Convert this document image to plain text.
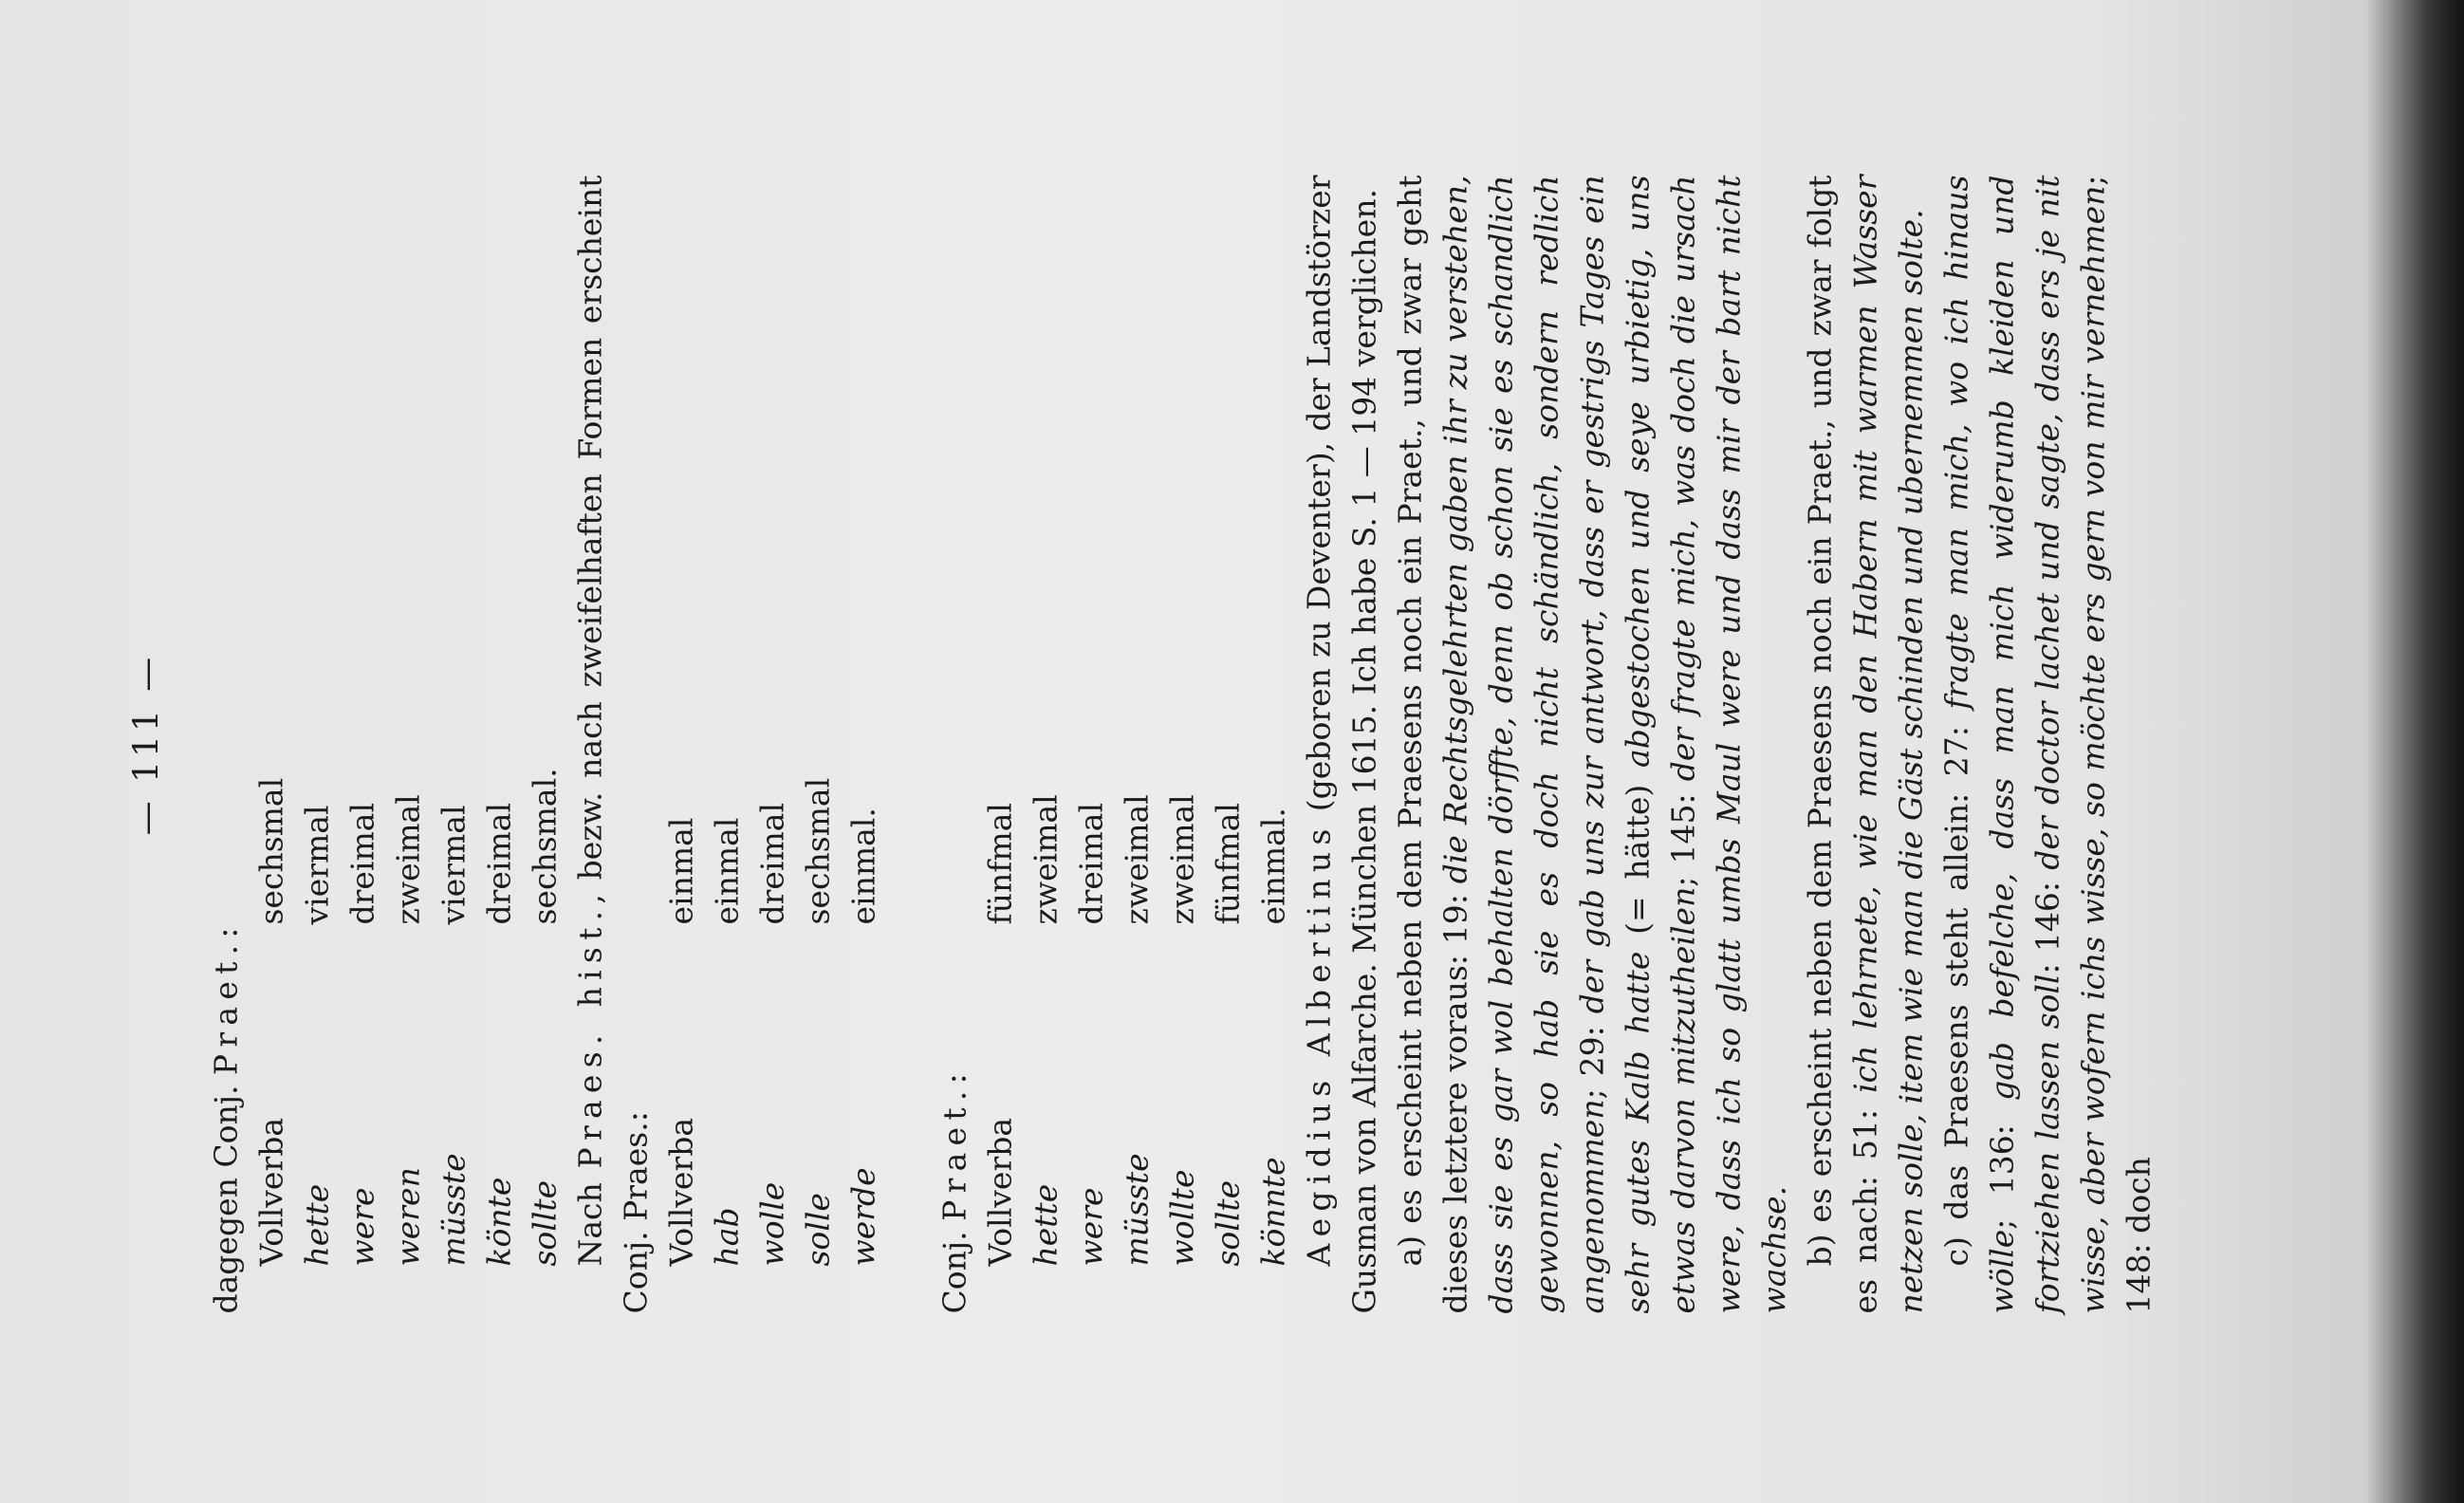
— 111 —

dagegen Conj. Praet.:

Vollverba hette were weren müsste könte sollte
sechsmal viermal dreimal zweimal viermal dreimal sechsmal.

Nach Praes. hist., bezw. nach zweifelhaften Formen erscheint Conj. Praes.: Vollverba hab wolle solle werde
einmal einmal dreimal sechsmal einmal.

Conj. Praet.: Vollverba hette were müsste wollte sollte könnte
fünfmal zweimal dreimal zweimal zweimal fünfmal einmal. Aegidius Albertinus (geboren zu Deventer), der Landstörzer Gusman von Alfarche. München 1615. Ich habe S. 1 — 194 verglichen. a) es erscheint neben dem Praesens noch ein Praet., und zwar geht dieses letztere voraus: 19: die Rechtsgelehrten gaben ihr zu verstehen, dass sie es gar wol behalten dörffte, denn ob schon sie es schandlich gewonnen, so hab sie es doch nicht schändlich, sondern redlich angenommen; 29: der gab uns zur antwort, dass er gestrigs Tages ein sehr gutes Kalb hatte (= hätte) abgestochen und seye urbietig, uns etwas darvon mitzutheilen; 145: der fragte mich, was doch die ursach were, dass ich so glatt umbs Maul were und dass mir der bart nicht wachse. b) es erscheint neben dem Praesens noch ein Praet., und zwar folgt es nach: 51: ich lehrnete, wie man den Habern mit warmen Wasser netzen solle, item wie man die Gäst schinden und ubernemmen solte. c) das Praesens steht allein: 27: fragte man mich, wo ich hinaus wölle; 136: gab befelche, dass man mich widerumb kleiden und fortziehen lassen soll: 146: der doctor lachet und sagte, dass ers je nit wisse, aber wofern ichs wisse, so möchte ers gern von mir vernehmen; 148: doch
